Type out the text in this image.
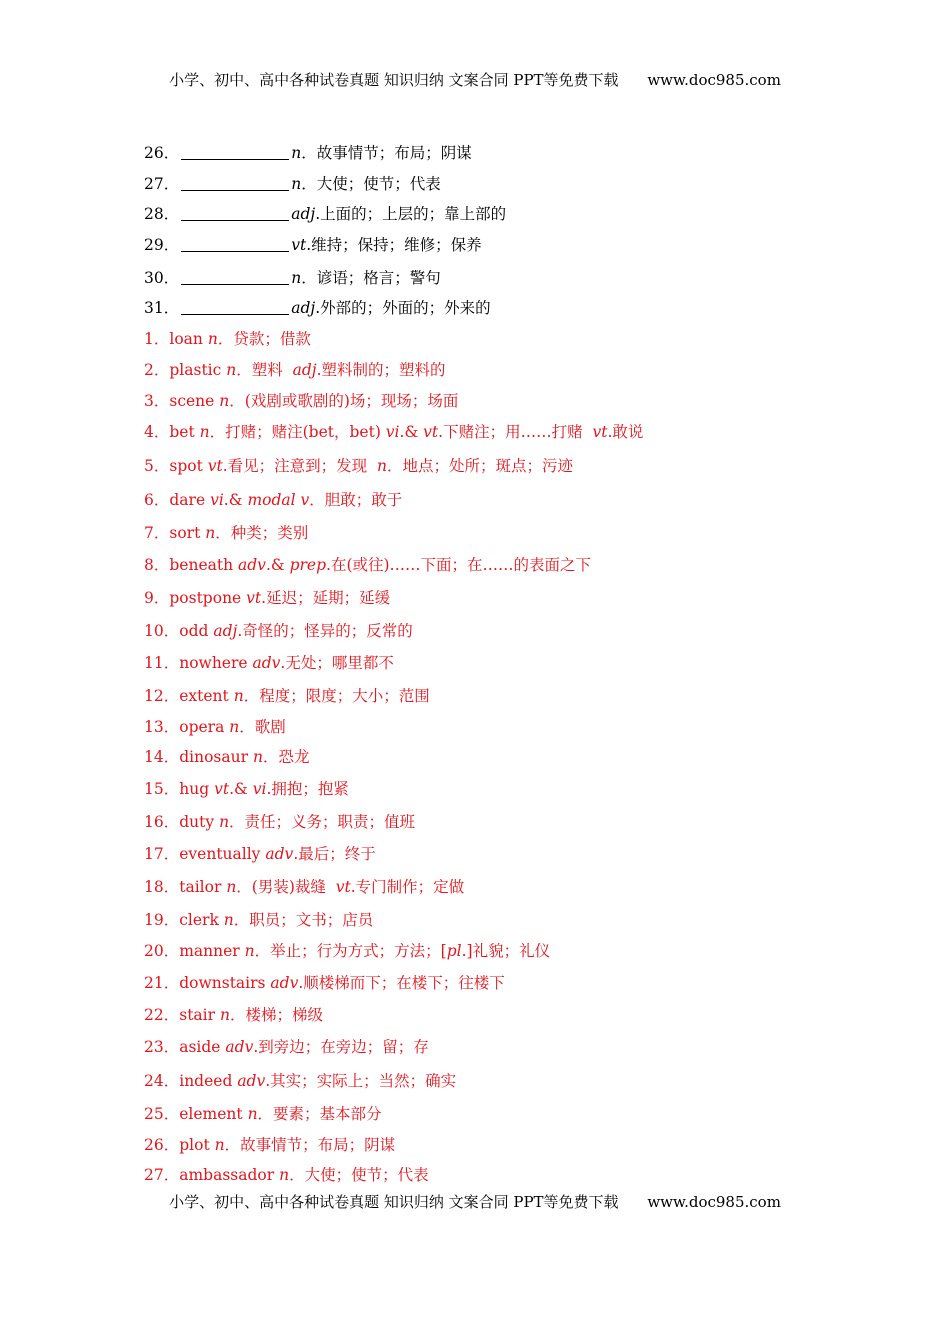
小学、初中、高中各种试卷真题 知识归纳 文案合同 PPT等免费下载 www.doc985.com
26．	n．故事情节；布局；阴谋
27．	n．大使；使节；代表
28．	adj.上面的；上层的；靠上部的
29．	vt.维持；保持；维修；保养
30．	n．谚语；格言；警句
31．	adj.外部的；外面的；外来的
1．loan n．贷款；借款
2．plastic n．塑料  adj.塑料制的；塑料的
3．scene n．(戏剧或歌剧的)场；现场；场面
4．bet n．打赌；赌注(bet，bet) vi.& vt.下赌注；用……打赌  vt.敢说
5．spot vt.看见；注意到；发现  n．地点；处所；斑点；污迹
6．dare vi.& modal v．胆敢；敢于
7．sort n．种类；类别
8．beneath adv.& prep.在(或往)……下面；在……的表面之下
9．postpone vt.延迟；延期；延缓
10．odd adj.奇怪的；怪异的；反常的
11．nowhere adv.无处；哪里都不
12．extent n．程度；限度；大小；范围
13．opera n．歌剧
14．dinosaur n．恐龙
15．hug vt.& vi.拥抱；抱紧
16．duty n．责任；义务；职责；值班
17．eventually adv.最后；终于
18．tailor n．(男装)裁缝  vt.专门制作；定做
19．clerk n．职员；文书；店员
20．manner n．举止；行为方式；方法；[pl.]礼貌；礼仪
21．downstairs adv.顺楼梯而下；在楼下；往楼下
22．stair n．楼梯；梯级
23．aside adv.到旁边；在旁边；留；存
24．indeed adv.其实；实际上；当然；确实
25．element n．要素；基本部分
26．plot n．故事情节；布局；阴谋
27．ambassador n．大使；使节；代表
小学、初中、高中各种试卷真题 知识归纳 文案合同 PPT等免费下载 www.doc985.com
